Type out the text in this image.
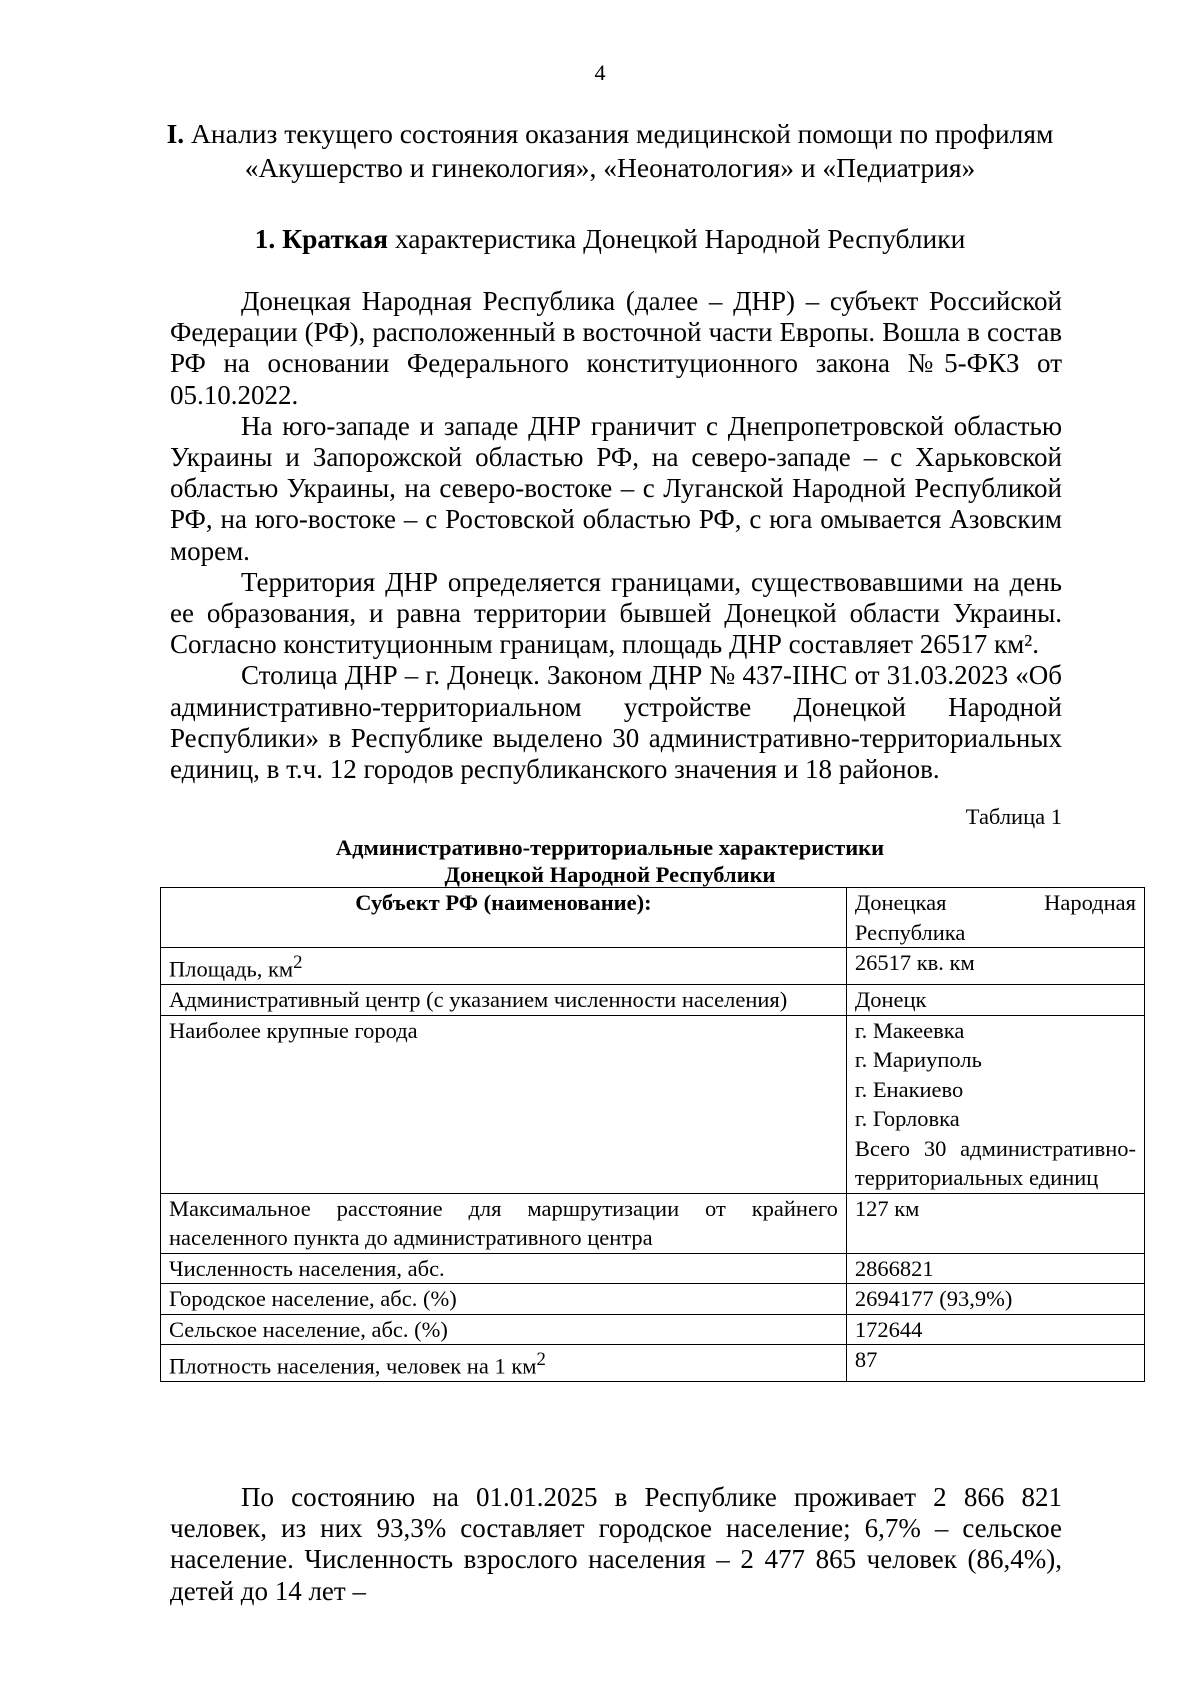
4
I. Анализ текущего состояния оказания медицинской помощи по профилям «Акушерство и гинекология», «Неонатология» и «Педиатрия»
1. Краткая характеристика Донецкой Народной Республики

Донецкая Народная Республика (далее – ДНР) – субъект Российской Федерации (РФ), расположенный в восточной части Европы. Вошла в состав РФ на основании Федерального конституционного закона №5-ФКЗ от 05.10.2022.

На юго-западе и западе ДНР граничит с Днепропетровской областью Украины и Запорожской областью РФ, на северо-западе – с Харьковской областью Украины, на северо-востоке – с Луганской Народной Республикой РФ, на юго-востоке – с Ростовской областью РФ, с юга омывается Азовским морем.

Территория ДНР определяется границами, существовавшими на день ее образования, и равна территории бывшей Донецкой области Украины. Согласно конституционным границам, площадь ДНР составляет 26517 км².

Столица ДНР – г. Донецк. Законом ДНР № 437-IIНС от 31.03.2023 «Об административно-территориальном устройстве Донецкой Народной Республики» в Республике выделено 30 административно-территориальных единиц, в т.ч. 12 городов республиканского значения и 18 районов.

Таблица 1
Административно-территориальные характеристики
Донецкой Народной Республики
Субъект РФ (наименование):	Донецкая Народная Республика

Площадь, $км^2$	26517 кв. км
Административный центр (с указанием численности населения)	Донецк
Наиболее крупные города	г. Макеевка
г. Мариуполь
г. Енакиево
г. Горловка
Всего 30 административно-территориальных единиц

Максимальное расстояние для маршрутизации от крайнего населенного пункта до административного центра	127 км
Численность населения, абс.	2866821
Городское население, абс. (%)	2694177 (93,9%)
Сельское население, абс. (%)	172644
Плотность населения, человек на 1 $км^2$	87

По состоянию на 01.01.2025 в Республике проживает 2 866 821 человек, из них 93,3% составляет городское население; 6,7% – сельское население. Численность взрослого населения – 2 477 865 человек (86,4%), детей до 14 лет –
